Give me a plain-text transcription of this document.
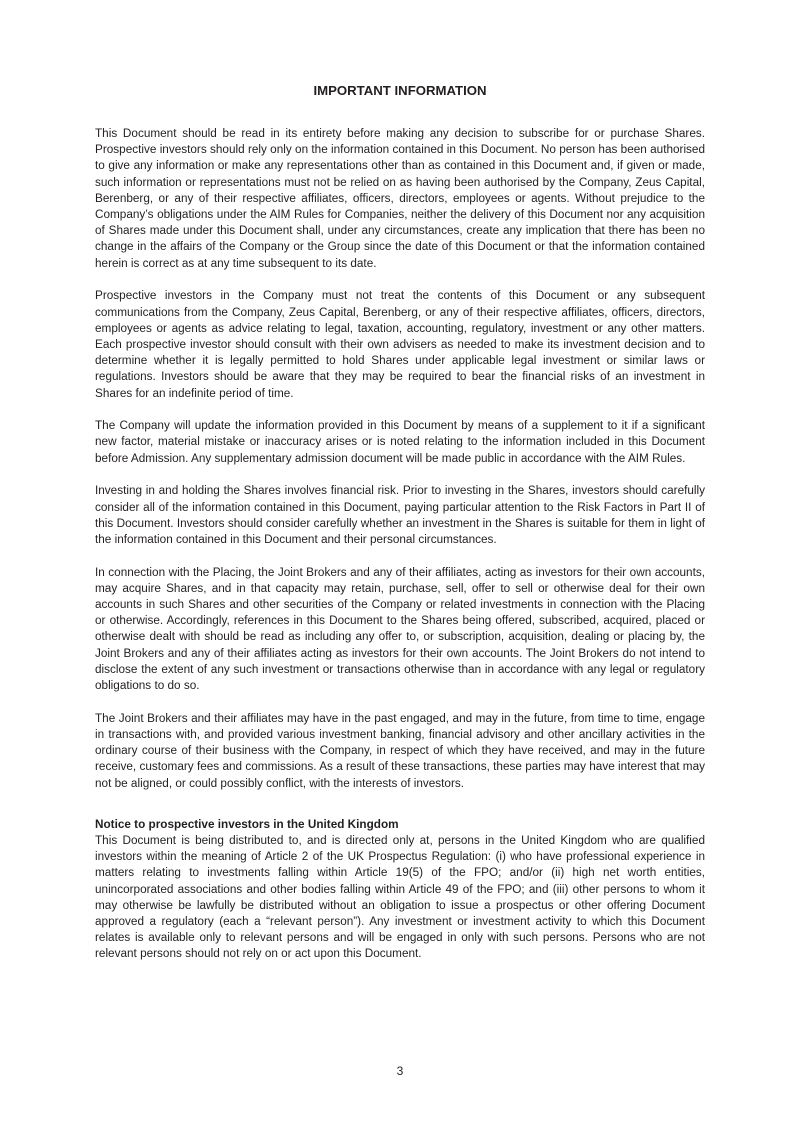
IMPORTANT INFORMATION

This Document should be read in its entirety before making any decision to subscribe for or purchase Shares. Prospective investors should rely only on the information contained in this Document. No person has been authorised to give any information or make any representations other than as contained in this Document and, if given or made, such information or representations must not be relied on as having been authorised by the Company, Zeus Capital, Berenberg, or any of their respective affiliates, officers, directors, employees or agents. Without prejudice to the Company’s obligations under the AIM Rules for Companies, neither the delivery of this Document nor any acquisition of Shares made under this Document shall, under any circumstances, create any implication that there has been no change in the affairs of the Company or the Group since the date of this Document or that the information contained herein is correct as at any time subsequent to its date.

Prospective investors in the Company must not treat the contents of this Document or any subsequent communications from the Company, Zeus Capital, Berenberg, or any of their respective affiliates, officers, directors, employees or agents as advice relating to legal, taxation, accounting, regulatory, investment or any other matters. Each prospective investor should consult with their own advisers as needed to make its investment decision and to determine whether it is legally permitted to hold Shares under applicable legal investment or similar laws or regulations. Investors should be aware that they may be required to bear the financial risks of an investment in Shares for an indefinite period of time.

The Company will update the information provided in this Document by means of a supplement to it if a significant new factor, material mistake or inaccuracy arises or is noted relating to the information included in this Document before Admission. Any supplementary admission document will be made public in accordance with the AIM Rules.

Investing in and holding the Shares involves financial risk. Prior to investing in the Shares, investors should carefully consider all of the information contained in this Document, paying particular attention to the Risk Factors in Part II of this Document. Investors should consider carefully whether an investment in the Shares is suitable for them in light of the information contained in this Document and their personal circumstances.

In connection with the Placing, the Joint Brokers and any of their affiliates, acting as investors for their own accounts, may acquire Shares, and in that capacity may retain, purchase, sell, offer to sell or otherwise deal for their own accounts in such Shares and other securities of the Company or related investments in connection with the Placing or otherwise. Accordingly, references in this Document to the Shares being offered, subscribed, acquired, placed or otherwise dealt with should be read as including any offer to, or subscription, acquisition, dealing or placing by, the Joint Brokers and any of their affiliates acting as investors for their own accounts. The Joint Brokers do not intend to disclose the extent of any such investment or transactions otherwise than in accordance with any legal or regulatory obligations to do so.

The Joint Brokers and their affiliates may have in the past engaged, and may in the future, from time to time, engage in transactions with, and provided various investment banking, financial advisory and other ancillary activities in the ordinary course of their business with the Company, in respect of which they have received, and may in the future receive, customary fees and commissions. As a result of these transactions, these parties may have interest that may not be aligned, or could possibly conflict, with the interests of investors.

Notice to prospective investors in the United Kingdom

This Document is being distributed to, and is directed only at, persons in the United Kingdom who are qualified investors within the meaning of Article 2 of the UK Prospectus Regulation: (i) who have professional experience in matters relating to investments falling within Article 19(5) of the FPO; and/or (ii) high net worth entities, unincorporated associations and other bodies falling within Article 49 of the FPO; and (iii) other persons to whom it may otherwise be lawfully be distributed without an obligation to issue a prospectus or other offering Document approved a regulatory (each a “relevant person”). Any investment or investment activity to which this Document relates is available only to relevant persons and will be engaged in only with such persons. Persons who are not relevant persons should not rely on or act upon this Document.

3
